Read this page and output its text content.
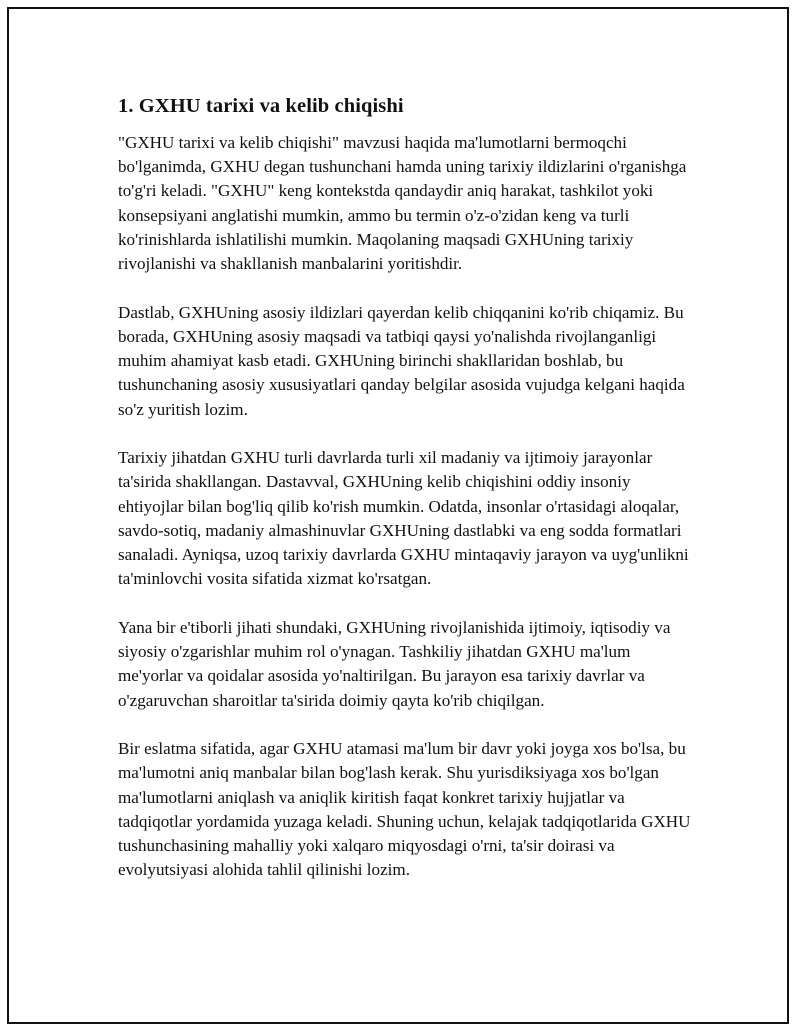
1. GXHU tarixi va kelib chiqishi

"GXHU tarixi va kelib chiqishi" mavzusi haqida ma'lumotlarni bermoqchi bo'lganimda, GXHU degan tushunchani hamda uning tarixiy ildizlarini o'rganishga to'g'ri keladi. "GXHU" keng kontekstda qandaydir aniq harakat, tashkilot yoki konsepsiyani anglatishi mumkin, ammo bu termin o'z-o'zidan keng va turli ko'rinishlarda ishlatilishi mumkin. Maqolaning maqsadi GXHUning tarixiy rivojlanishi va shakllanish manbalarini yoritishdir.

Dastlab, GXHUning asosiy ildizlari qayerdan kelib chiqqanini ko'rib chiqamiz. Bu borada, GXHUning asosiy maqsadi va tatbiqi qaysi yo'nalishda rivojlanganligi muhim ahamiyat kasb etadi. GXHUning birinchi shakllaridan boshlab, bu tushunchaning asosiy xususiyatlari qanday belgilar asosida vujudga kelgani haqida so'z yuritish lozim.

Tarixiy jihatdan GXHU turli davrlarda turli xil madaniy va ijtimoiy jarayonlar ta'sirida shakllangan. Dastavval, GXHUning kelib chiqishini oddiy insoniy ehtiyojlar bilan bog'liq qilib ko'rish mumkin. Odatda, insonlar o'rtasidagi aloqalar, savdo-sotiq, madaniy almashinuvlar GXHUning dastlabki va eng sodda formatlari sanaladi. Ayniqsa, uzoq tarixiy davrlarda GXHU mintaqaviy jarayon va uyg'unlikni ta'minlovchi vosita sifatida xizmat ko'rsatgan.

Yana bir e'tiborli jihati shundaki, GXHUning rivojlanishida ijtimoiy, iqtisodiy va siyosiy o'zgarishlar muhim rol o'ynagan. Tashkiliy jihatdan GXHU ma'lum me'yorlar va qoidalar asosida yo'naltirilgan. Bu jarayon esa tarixiy davrlar va o'zgaruvchan sharoitlar ta'sirida doimiy qayta ko'rib chiqilgan.

Bir eslatma sifatida, agar GXHU atamasi ma'lum bir davr yoki joyga xos bo'lsa, bu ma'lumotni aniq manbalar bilan bog'lash kerak. Shu yurisdiksiyaga xos bo'lgan ma'lumotlarni aniqlash va aniqlik kiritish faqat konkret tarixiy hujjatlar va tadqiqotlar yordamida yuzaga keladi. Shuning uchun, kelajak tadqiqotlarida GXHU tushunchasining mahalliy yoki xalqaro miqyosdagi o'rni, ta'sir doirasi va evolyutsiyasi alohida tahlil qilinishi lozim.
